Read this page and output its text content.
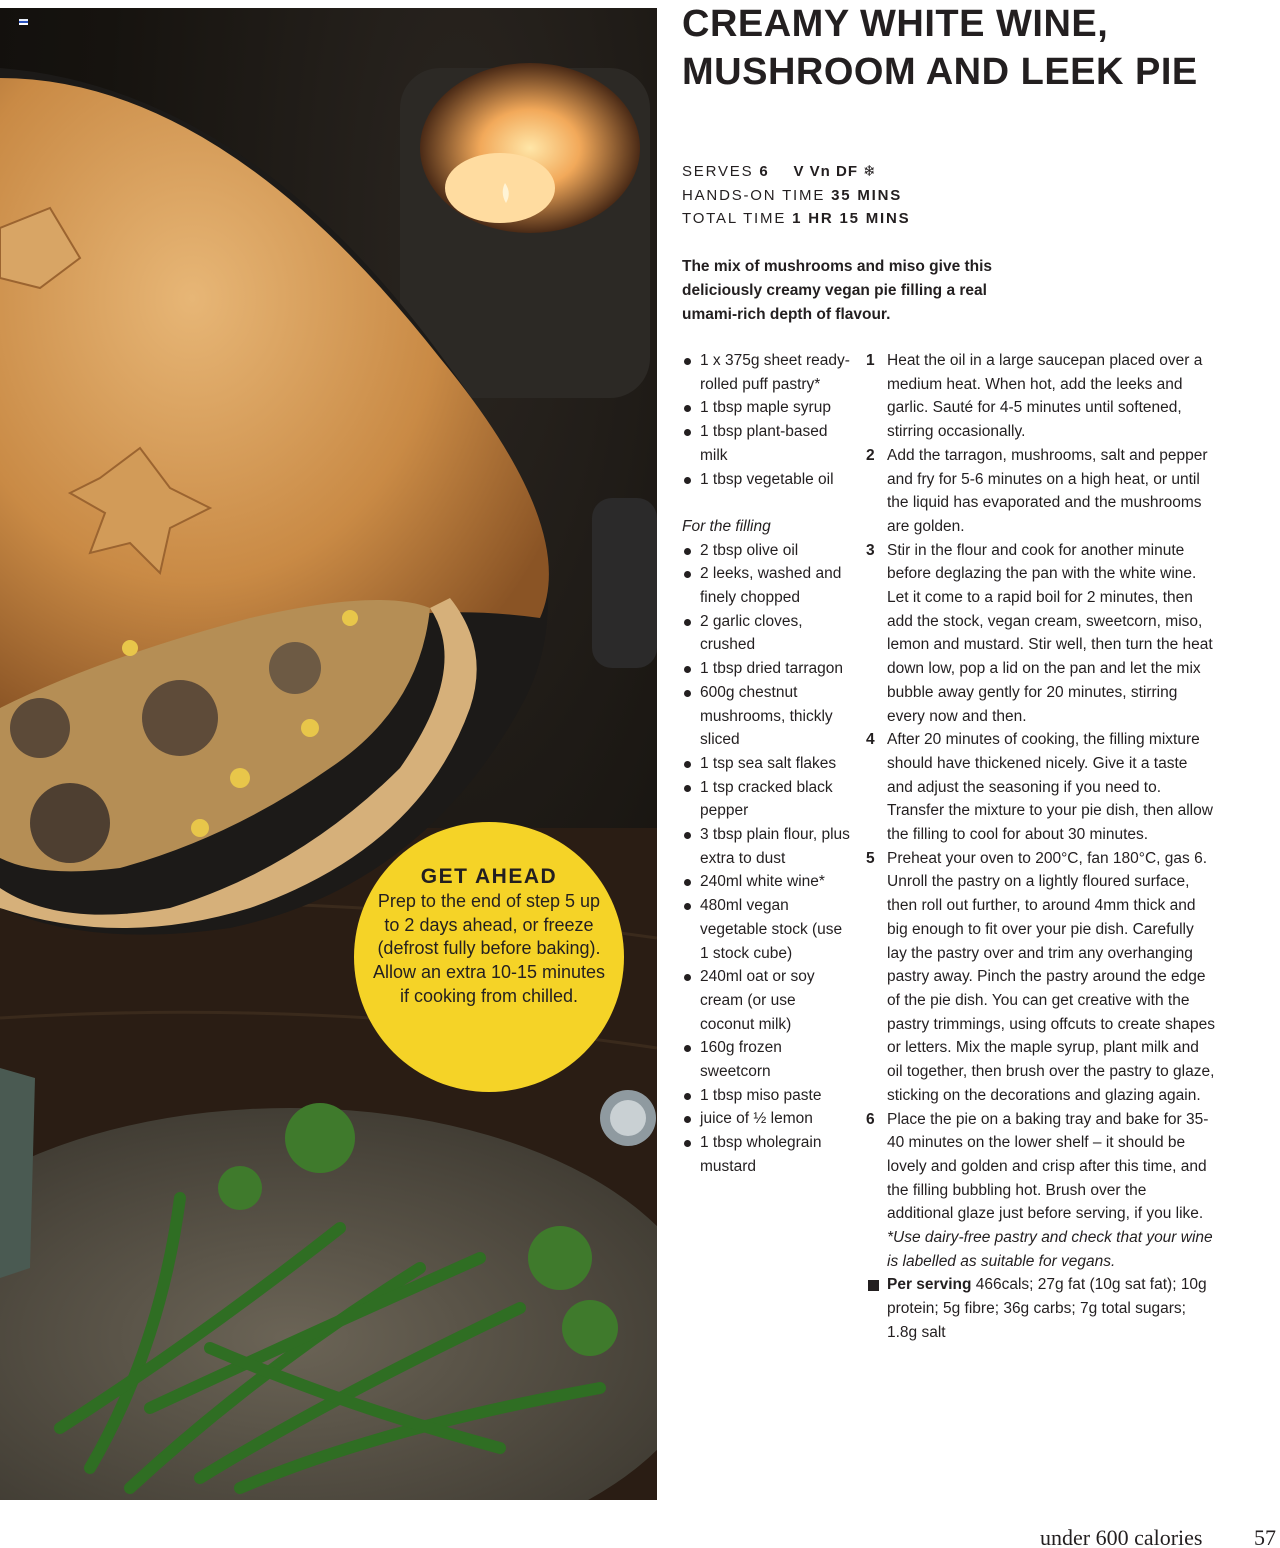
GET AHEAD

Prep to the end of step 5 up to 2 days ahead, or freeze (defrost fully before baking). Allow an extra 10-15 minutes if cooking from chilled.

CREAMY WHITE WINE, MUSHROOM AND LEEK PIE
SERVES 6 V Vn DF ❄
HANDS-ON TIME 35 MINS
TOTAL TIME 1 HR 15 MINS

The mix of mushrooms and miso give this deliciously creamy vegan pie filling a real umami-rich depth of flavour.

1 x 375g sheet ready-rolled puff pastry*
1 tbsp maple syrup
1 tbsp plant-based milk
1 tbsp vegetable oil
For the filling
2 tbsp olive oil
2 leeks, washed and finely chopped
2 garlic cloves, crushed
1 tbsp dried tarragon
600g chestnut mushrooms, thickly sliced
1 tsp sea salt flakes
1 tsp cracked black pepper
3 tbsp plain flour, plus extra to dust
240ml white wine*
480ml vegan vegetable stock (use 1 stock cube)
240ml oat or soy cream (or use coconut milk)
160g frozen sweetcorn
1 tbsp miso paste
juice of ½ lemon
1 tbsp wholegrain mustard
1 Heat the oil in a large saucepan placed over a medium heat. When hot, add the leeks and garlic. Sauté for 4-5 minutes until softened, stirring occasionally.
2 Add the tarragon, mushrooms, salt and pepper and fry for 5-6 minutes on a high heat, or until the liquid has evaporated and the mushrooms are golden.
3 Stir in the flour and cook for another minute before deglazing the pan with the white wine. Let it come to a rapid boil for 2 minutes, then add the stock, vegan cream, sweetcorn, miso, lemon and mustard. Stir well, then turn the heat down low, pop a lid on the pan and let the mix bubble away gently for 20 minutes, stirring every now and then.
4 After 20 minutes of cooking, the filling mixture should have thickened nicely. Give it a taste and adjust the seasoning if you need to. Transfer the mixture to your pie dish, then allow the filling to cool for about 30 minutes.
5 Preheat your oven to 200°C, fan 180°C, gas 6. Unroll the pastry on a lightly floured surface, then roll out further, to around 4mm thick and big enough to fit over your pie dish. Carefully lay the pastry over and trim any overhanging pastry away. Pinch the pastry around the edge of the pie dish. You can get creative with the pastry trimmings, using offcuts to create shapes or letters. Mix the maple syrup, plant milk and oil together, then brush over the pastry to glaze, sticking on the decorations and glazing again.
6 Place the pie on a baking tray and bake for 35-40 minutes on the lower shelf – it should be lovely and golden and crisp after this time, and the filling bubbling hot. Brush over the additional glaze just before serving, if you like.

*Use dairy-free pastry and check that your wine is labelled as suitable for vegans.

Per serving 466cals; 27g fat (10g sat fat); 10g protein; 5g fibre; 36g carbs; 7g total sugars; 1.8g salt

under 600 calories 57
